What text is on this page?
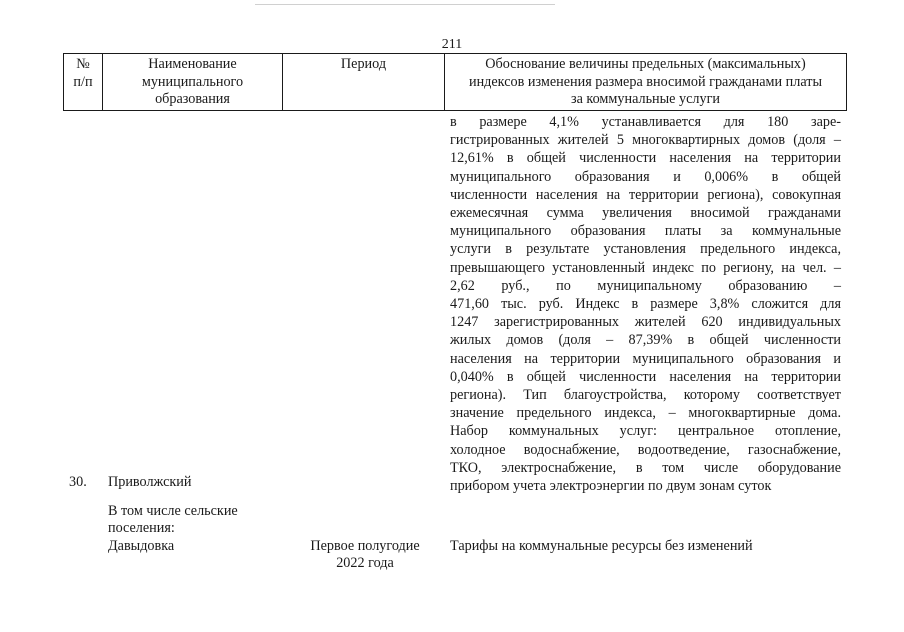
211
№
п/п
Наименование
муниципального
образования
Период	Обоснование величины предельных (максимальных)
индексов изменения размера вносимой гражданами платы
за коммунальные услуги
в размере 4,1% устанавливается для 180 заре-
гистрированных жителей 5 многоквартирных домов (доля –
12,61% в общей численности населения на территории
муниципального образования и 0,006% в общей
численности населения на территории региона), совокупная
ежемесячная сумма увеличения вносимой гражданами
муниципального образования платы за коммунальные
услуги в результате установления предельного индекса,
превышающего установленный индекс по региону, на чел. –
2,62 руб., по муниципальному образованию –
471,60 тыс. руб. Индекс в размере 3,8% сложится для
1247 зарегистрированных жителей 620 индивидуальных
жилых домов (доля – 87,39% в общей численности
населения на территории муниципального образования и
0,040% в общей численности населения на территории
региона). Тип благоустройства, которому соответствует
значение предельного индекса, – многоквартирные дома.
Набор коммунальных услуг: центральное отопление,
холодное водоснабжение, водоотведение, газоснабжение,
ТКО, электроснабжение, в том числе оборудование
прибором учета электроэнергии по двум зонам суток
30. Приволжский
В том числе сельские
поселения:
Давыдовка	Первое полугодие
2022 года
Тарифы на коммунальные ресурсы без изменений
